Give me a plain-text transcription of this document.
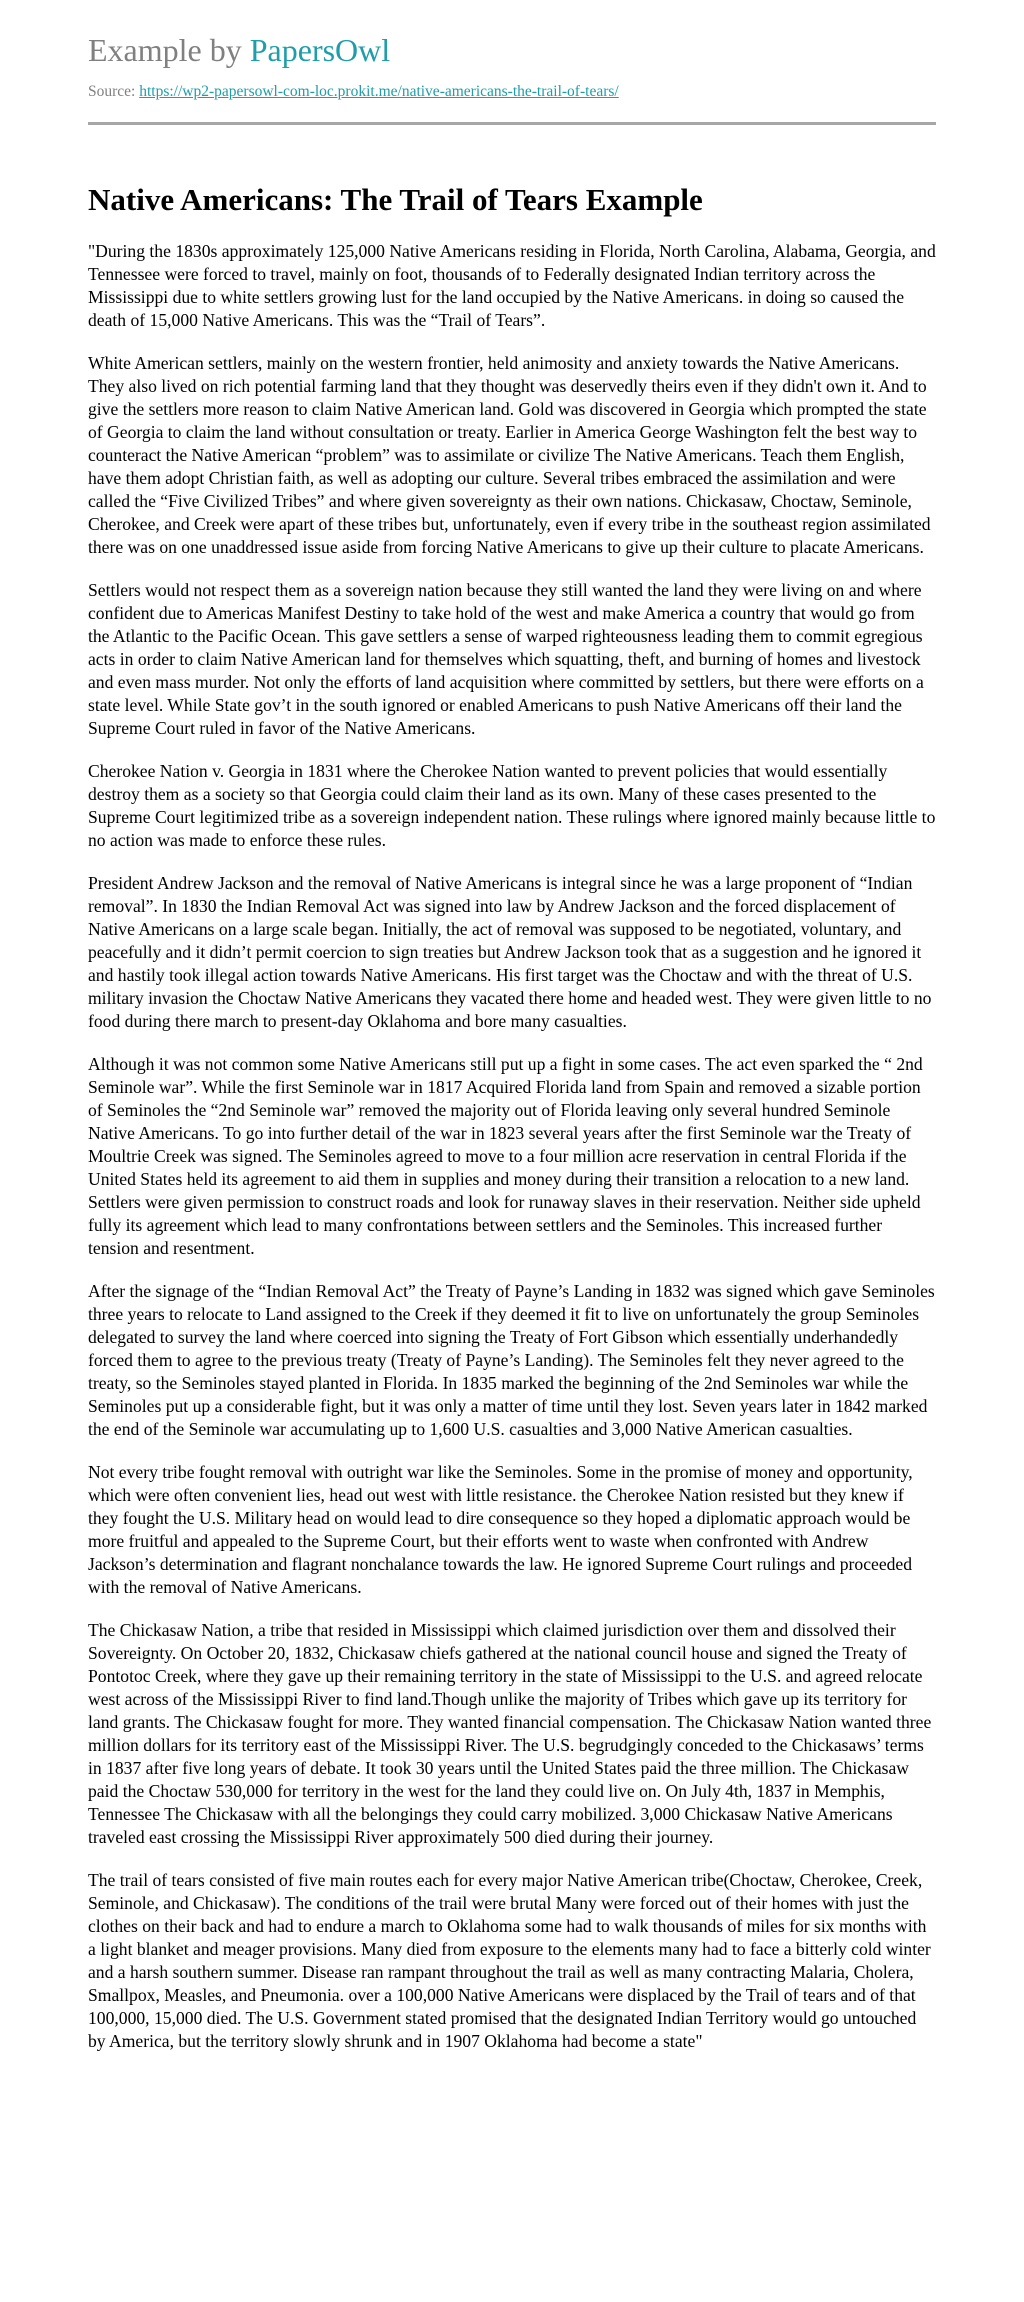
Example by PapersOwl
Source: https://wp2-papersowl-com-loc.prokit.me/native-americans-the-trail-of-tears/
Native Americans: The Trail of Tears Example

"During the 1830s approximately 125,000 Native Americans residing in Florida, North Carolina, Alabama, Georgia, and Tennessee were forced to travel, mainly on foot, thousands of to Federally designated Indian territory across the Mississippi due to white settlers growing lust for the land occupied by the Native Americans. in doing so caused the death of 15,000 Native Americans. This was the “Trail of Tears”.

White American settlers, mainly on the western frontier, held animosity and anxiety towards the Native Americans. They also lived on rich potential farming land that they thought was deservedly theirs even if they didn't own it. And to give the settlers more reason to claim Native American land. Gold was discovered in Georgia which prompted the state of Georgia to claim the land without consultation or treaty. Earlier in America George Washington felt the best way to counteract the Native American “problem” was to assimilate or civilize The Native Americans. Teach them English, have them adopt Christian faith, as well as adopting our culture. Several tribes embraced the assimilation and were called the “Five Civilized Tribes” and where given sovereignty as their own nations. Chickasaw, Choctaw, Seminole, Cherokee, and Creek were apart of these tribes but, unfortunately, even if every tribe in the southeast region assimilated there was on one unaddressed issue aside from forcing Native Americans to give up their culture to placate Americans.

Settlers would not respect them as a sovereign nation because they still wanted the land they were living on and where confident due to Americas Manifest Destiny to take hold of the west and make America a country that would go from the Atlantic to the Pacific Ocean. This gave settlers a sense of warped righteousness leading them to commit egregious acts in order to claim Native American land for themselves which squatting, theft, and burning of homes and livestock and even mass murder. Not only the efforts of land acquisition where committed by settlers, but there were efforts on a state level. While State gov’t in the south ignored or enabled Americans to push Native Americans off their land the Supreme Court ruled in favor of the Native Americans.

Cherokee Nation v. Georgia in 1831 where the Cherokee Nation wanted to prevent policies that would essentially destroy them as a society so that Georgia could claim their land as its own. Many of these cases presented to the Supreme Court legitimized tribe as a sovereign independent nation. These rulings where ignored mainly because little to no action was made to enforce these rules.

President Andrew Jackson and the removal of Native Americans is integral since he was a large proponent of “Indian removal”. In 1830 the Indian Removal Act was signed into law by Andrew Jackson and the forced displacement of Native Americans on a large scale began. Initially, the act of removal was supposed to be negotiated, voluntary, and peacefully and it didn’t permit coercion to sign treaties but Andrew Jackson took that as a suggestion and he ignored it and hastily took illegal action towards Native Americans. His first target was the Choctaw and with the threat of U.S. military invasion the Choctaw Native Americans they vacated there home and headed west. They were given little to no food during there march to present-day Oklahoma and bore many casualties.

Although it was not common some Native Americans still put up a fight in some cases. The act even sparked the “ 2nd Seminole war”. While the first Seminole war in 1817 Acquired Florida land from Spain and removed a sizable portion of Seminoles the “2nd Seminole war” removed the majority out of Florida leaving only several hundred Seminole Native Americans. To go into further detail of the war in 1823 several years after the first Seminole war the Treaty of Moultrie Creek was signed. The Seminoles agreed to move to a four million acre reservation in central Florida if the United States held its agreement to aid them in supplies and money during their transition a relocation to a new land. Settlers were given permission to construct roads and look for runaway slaves in their reservation. Neither side upheld fully its agreement which lead to many confrontations between settlers and the Seminoles. This increased further tension and resentment.

After the signage of the “Indian Removal Act” the Treaty of Payne’s Landing in 1832 was signed which gave Seminoles three years to relocate to Land assigned to the Creek if they deemed it fit to live on unfortunately the group Seminoles delegated to survey the land where coerced into signing the Treaty of Fort Gibson which essentially underhandedly forced them to agree to the previous treaty (Treaty of Payne’s Landing). The Seminoles felt they never agreed to the treaty, so the Seminoles stayed planted in Florida. In 1835 marked the beginning of the 2nd Seminoles war while the Seminoles put up a considerable fight, but it was only a matter of time until they lost. Seven years later in 1842 marked the end of the Seminole war accumulating up to 1,600 U.S. casualties and 3,000 Native American casualties.

Not every tribe fought removal with outright war like the Seminoles. Some in the promise of money and opportunity, which were often convenient lies, head out west with little resistance. the Cherokee Nation resisted but they knew if they fought the U.S. Military head on would lead to dire consequence so they hoped a diplomatic approach would be more fruitful and appealed to the Supreme Court, but their efforts went to waste when confronted with Andrew Jackson’s determination and flagrant nonchalance towards the law. He ignored Supreme Court rulings and proceeded with the removal of Native Americans.

The Chickasaw Nation, a tribe that resided in Mississippi which claimed jurisdiction over them and dissolved their Sovereignty. On October 20, 1832, Chickasaw chiefs gathered at the national council house and signed the Treaty of Pontotoc Creek, where they gave up their remaining territory in the state of Mississippi to the U.S. and agreed relocate west across of the Mississippi River to find land.Though unlike the majority of Tribes which gave up its territory for land grants. The Chickasaw fought for more. They wanted financial compensation. The Chickasaw Nation wanted three million dollars for its territory east of the Mississippi River. The U.S. begrudgingly conceded to the Chickasaws’ terms in 1837 after five long years of debate. It took 30 years until the United States paid the three million. The Chickasaw paid the Choctaw 530,000 for territory in the west for the land they could live on. On July 4th, 1837 in Memphis, Tennessee The Chickasaw with all the belongings they could carry mobilized. 3,000 Chickasaw Native Americans traveled east crossing the Mississippi River approximately 500 died during their journey.

The trail of tears consisted of five main routes each for every major Native American tribe(Choctaw, Cherokee, Creek, Seminole, and Chickasaw). The conditions of the trail were brutal Many were forced out of their homes with just the clothes on their back and had to endure a march to Oklahoma some had to walk thousands of miles for six months with a light blanket and meager provisions. Many died from exposure to the elements many had to face a bitterly cold winter and a harsh southern summer. Disease ran rampant throughout the trail as well as many contracting Malaria, Cholera, Smallpox, Measles, and Pneumonia. over a 100,000 Native Americans were displaced by the Trail of tears and of that 100,000, 15,000 died. The U.S. Government stated promised that the designated Indian Territory would go untouched by America, but the territory slowly shrunk and in 1907 Oklahoma had become a state"
